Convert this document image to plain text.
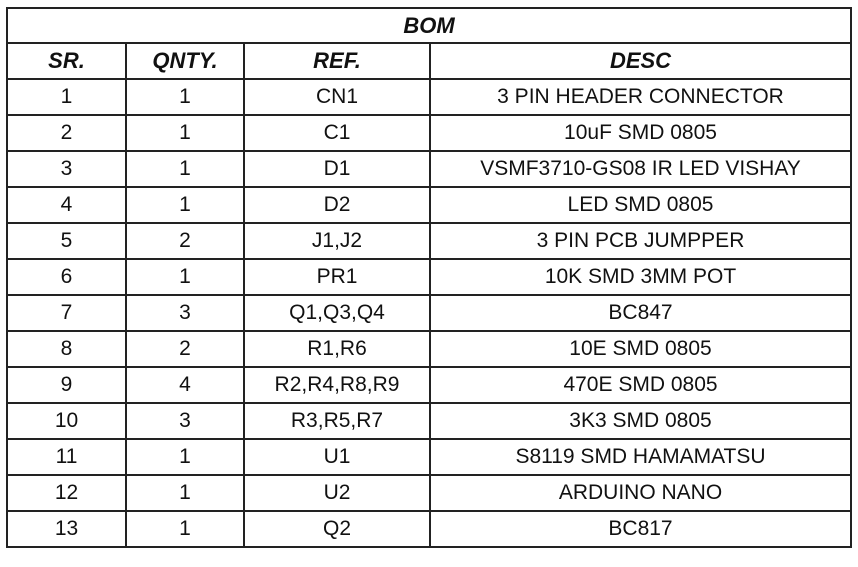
BOM			
SR.	QNTY.	REF.	DESC
1	1	CN1	3 PIN HEADER CONNECTOR
2	1	C1	10uF SMD 0805
3	1	D1	VSMF3710-GS08 IR LED VISHAY
4	1	D2	LED SMD 0805
5	2	J1,J2	3 PIN PCB JUMPPER
6	1	PR1	10K SMD 3MM POT
7	3	Q1,Q3,Q4	BC847
8	2	R1,R6	10E SMD 0805
9	4	R2,R4,R8,R9	470E SMD 0805
10	3	R3,R5,R7	3K3 SMD 0805
11	1	U1	S8119 SMD HAMAMATSU
12	1	U2	ARDUINO NANO
13	1	Q2	BC817
